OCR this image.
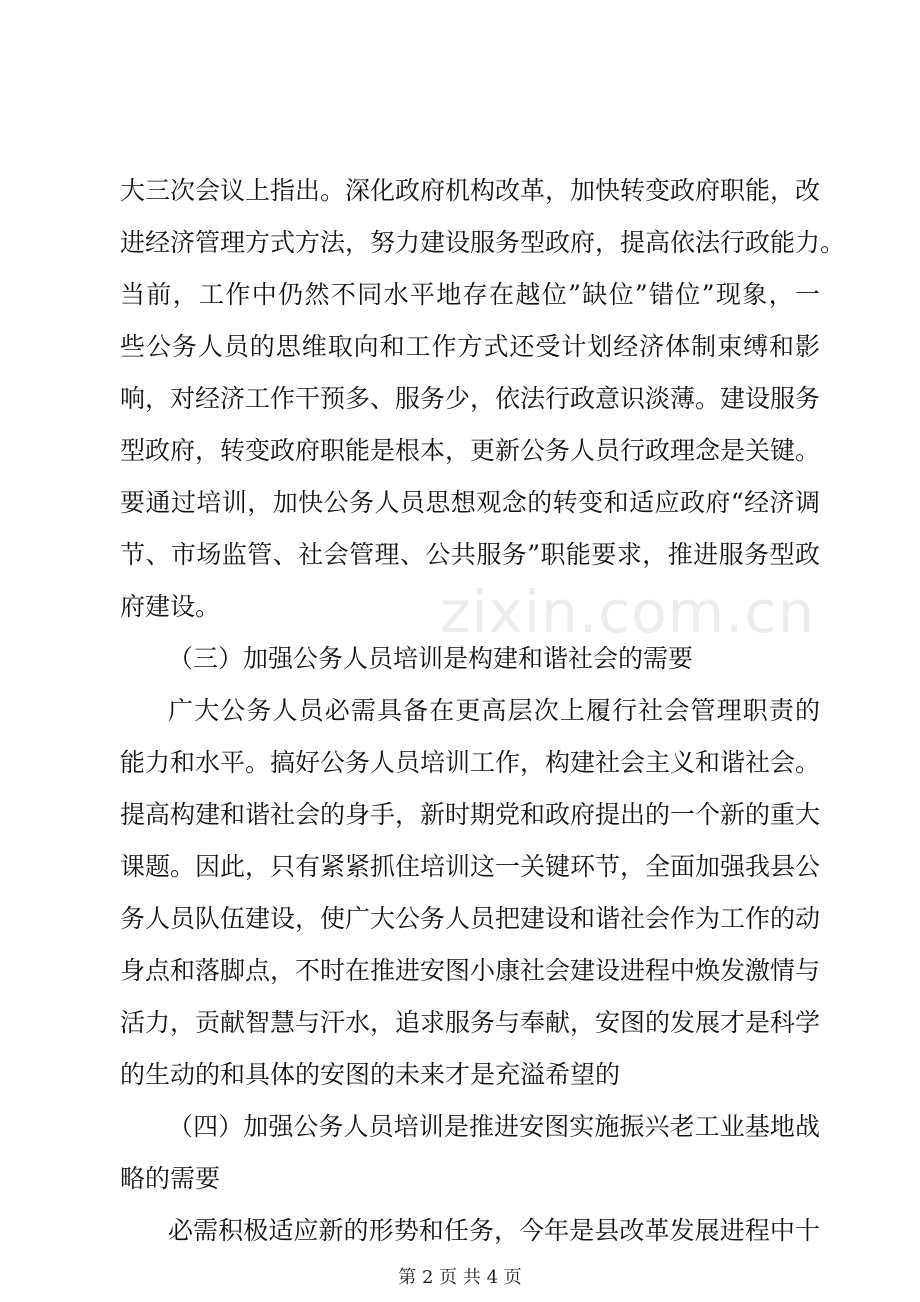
zixin.com.cn
大三次会议上指出。深化政府机构改革，加快转变政府职能，改
进经济管理方式方法，努力建设服务型政府，提高依法行政能力。
当前，工作中仍然不同水平地存在越位”缺位”错位”现象，一
些公务人员的思维取向和工作方式还受计划经济体制束缚和影
响，对经济工作干预多、服务少，依法行政意识淡薄。建设服务
型政府，转变政府职能是根本，更新公务人员行政理念是关键。
要通过培训，加快公务人员思想观念的转变和适应政府“经济调
节、市场监管、社会管理、公共服务”职能要求，推进服务型政
府建设。
（三）加强公务人员培训是构建和谐社会的需要
广大公务人员必需具备在更高层次上履行社会管理职责的
能力和水平。搞好公务人员培训工作，构建社会主义和谐社会。
提高构建和谐社会的身手，新时期党和政府提出的一个新的重大
课题。因此，只有紧紧抓住培训这一关键环节，全面加强我县公
务人员队伍建设，使广大公务人员把建设和谐社会作为工作的动
身点和落脚点，不时在推进安图小康社会建设进程中焕发激情与
活力，贡献智慧与汗水，追求服务与奉献，安图的发展才是科学
的生动的和具体的安图的未来才是充溢希望的
（四）加强公务人员培训是推进安图实施振兴老工业基地战
略的需要
必需积极适应新的形势和任务，今年是县改革发展进程中十
第 2 页 共 4 页
